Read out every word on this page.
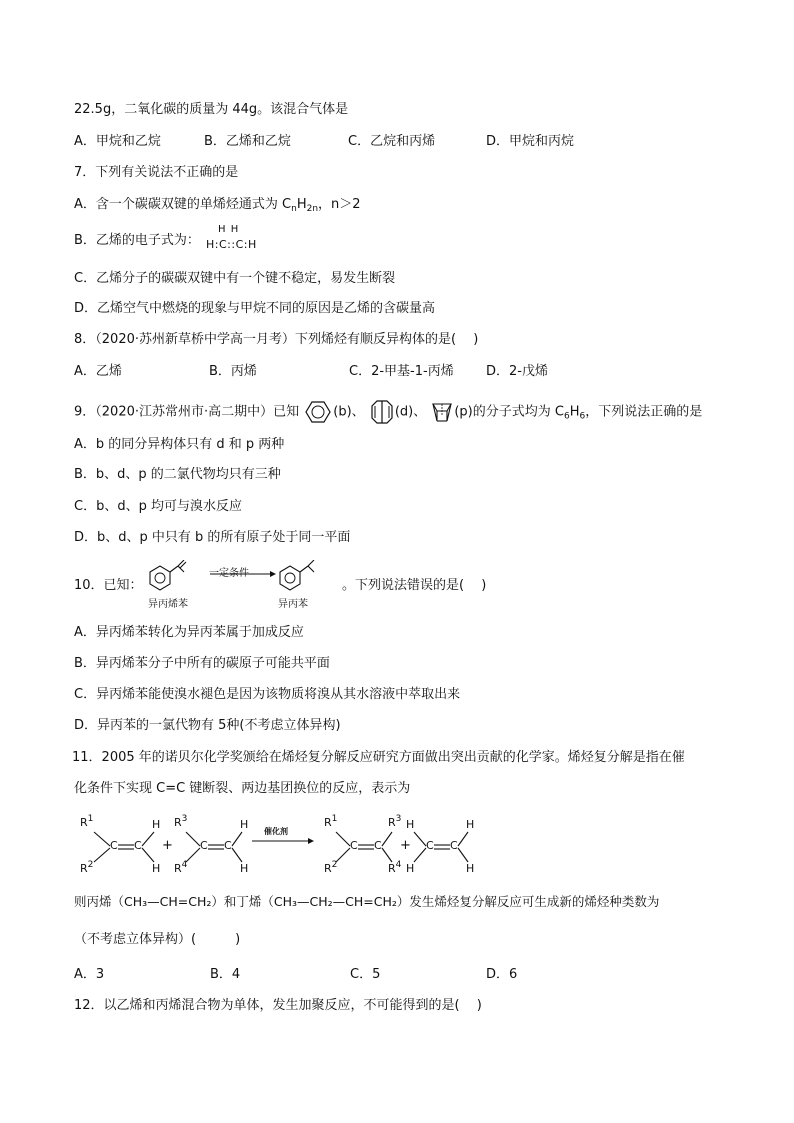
22.5g，二氧化碳的质量为 44g。该混合气体是
A．甲烷和乙烷	B．乙烯和乙烷	C．乙烷和丙烯	D．甲烷和丙烷
7．下列有关说法不正确的是
A．含一个碳碳双键的单烯烃通式为 $C_nH_{2n}$，n＞2
B．乙烯的电子式为：
H H
H:C::C:H
C．乙烯分子的碳碳双键中有一个键不稳定，易发生断裂
D．乙烯空气中燃烧的现象与甲烷不同的原因是乙烯的含碳量高
8．（2020·苏州新草桥中学高一月考）下列烯烃有顺反异构体的是(　 )
A．乙烯	B．丙烯	C．2-甲基-1-丙烯 D．2-戊烯
9．（2020·江苏常州市·高二期中）已知	(b)、 (d)、 (p)的分子式均为 $C_6H_6$，下列说法正确的是
A．b 的同分异构体只有 d 和 p 两种
B．b、d、p 的二氯代物均只有三种
C．b、d、p 均可与溴水反应
D．b、d、p 中只有 b 的所有原子处于同一平面
10．已知：
一定条件
异丙烯苯	异丙苯
。下列说法错误的是(　 )
A．异丙烯苯转化为异丙苯属于加成反应
B．异丙烯苯分子中所有的碳原子可能共平面
C．异丙烯苯能使溴水褪色是因为该物质将溴从其水溶液中萃取出来
D．异丙苯的一氯代物有 5种(不考虑立体异构)
11．2005 年的诺贝尔化学奖颁给在烯烃复分解反应研究方面做出突出贡献的化学家。烯烃复分解是指在催
化条件下实现 C=C 键断裂、两边基团换位的反应，表示为
$R^1$
$R^2$
C C
H
H
+
$R^3$
$R^4$
C C
H
H
催化剂
$R^1$
$R^2$
C C
$R^3$
$R^4$
+
H
H
C C
H
H
则丙烯（CH₃—CH=CH₂）和丁烯（CH₃—CH₂—CH=CH₂）发生烯烃复分解反应可生成新的烯烃种类数为
（不考虑立体异构）(　　　)
A．3	B．4	C．5	D．6
12．以乙烯和丙烯混合物为单体，发生加聚反应，不可能得到的是(　 )
